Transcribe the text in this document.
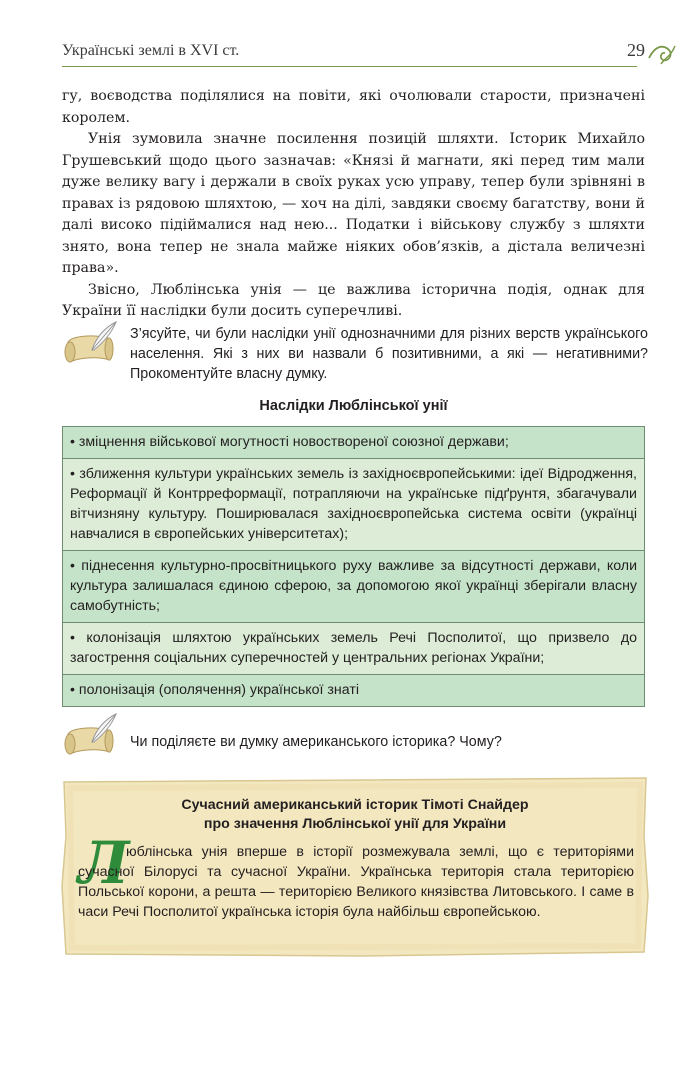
Українські землі в XVI ст.	29

гу, воєводства поділялися на повіти, які очолювали старости, призначені королем.

Унія зумовила значне посилення позицій шляхти. Історик Михайло Грушевський щодо цього зазначав: «Князі й магнати, які перед тим мали дуже велику вагу і держали в своїх руках усю управу, тепер були зрівняні в правах із рядовою шляхтою, — хоч на ділі, завдяки своєму багатству, вони й далі високо підіймалися над нею... Податки і військову службу з шляхти знято, вона тепер не знала майже ніяких обов’язків, а дістала величезні права».

Звісно, Люблінська унія — це важлива історична подія, однак для України її наслідки були досить суперечливі.

З’ясуйте, чи були наслідки унії однозначними для різних верств українського населення. Які з них ви назвали б позитивними, а які — негативними? Прокоментуйте власну думку.
Наслідки Люблінської унії
• зміцнення військової могутності новоствореної союзної держави;
• зближення культури українських земель із західноєвропейськими: ідеї Відродження, Реформації й Контрреформації, потрапляючи на українське підґрунтя, збагачували вітчизняну культуру. Поширювалася західноєвропейська система освіти (українці навчалися в європейських університетах);
• піднесення культурно-просвітницького руху важливе за відсутності держави, коли культура залишалася єдиною сферою, за допомогою якої українці зберігали власну самобутність;
• колонізація шляхтою українських земель Речі Посполитої, що призвело до загострення соціальних суперечностей у центральних регіонах України;
• полонізація (ополячення) української знаті
Чи поділяєте ви думку американського історика? Чому?
Сучасний американський історик Тімоті Снайдер
про значення Люблінської унії для України
Л
юблінська унія вперше в історії розмежувала землі, що є територіями сучасної Білорусі та сучасної України. Українська територія стала територією Польської корони, а решта — територією Великого князівства Литовського. І саме в часи Речі Посполитої українська історія була найбільш європейською.
